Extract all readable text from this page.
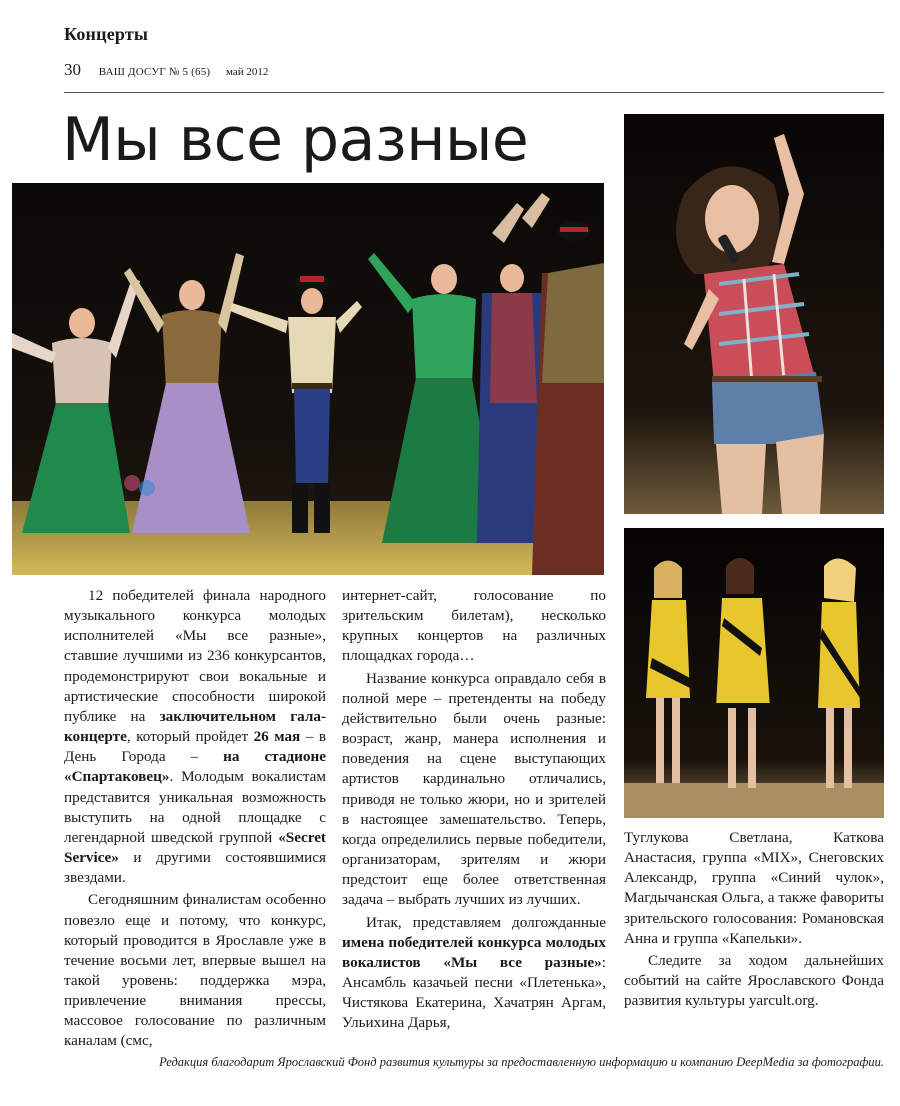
Концерты
30 ВАШ ДОСУГ № 5 (65) май 2012
Мы все разные

12 победителей финала народного музыкального конкурса молодых исполнителей «Мы все разные», ставшие лучшими из 236 конкурсантов, продемонстрируют свои вокальные и артистические способности широкой публике на заключительном гала-концерте, который пройдет 26 мая – в День Города – на стадионе «Спартаковец». Молодым вокалистам представится уникальная возможность выступить на одной площадке с легендарной шведской группой «Secret Service» и другими состоявшимися звездами.

Сегодняшним финалистам особенно повезло еще и потому, что конкурс, который проводится в Ярославле уже в течение восьми лет, впервые вышел на такой уровень: поддержка мэра, привлечение внимания прессы, массовое голосование по различным каналам (смс,

интернет-сайт, голосование по зрительским билетам), несколько крупных концертов на различных площадках города…

Название конкурса оправдало себя в полной мере – претенденты на победу действительно были очень разные: возраст, жанр, манера исполнения и поведения на сцене выступающих артистов кардинально отличались, приводя не только жюри, но и зрителей в настоящее замешательство. Теперь, когда определились первые победители, организаторам, зрителям и жюри предстоит еще более ответственная задача – выбрать лучших из лучших.

Итак, представляем долгожданные имена победителей конкурса молодых вокалистов «Мы все разные»: Ансамбль казачьей песни «Плетенька», Чистякова Екатерина, Хачатрян Аргам, Ульихина Дарья,

Туглукова Светлана, Каткова Анастасия, группа «MIX», Снеговских Александр, группа «Синий чулок», Магдычанская Ольга, а также фавориты зрительского голосования: Романовская Анна и группа «Капельки».

Следите за ходом дальнейших событий на сайте Ярославского Фонда развития культуры yarcult.org.

Редакция благодарит Ярославский Фонд развития культуры за предоставленную информацию и компанию DeepMedia за фотографии.
